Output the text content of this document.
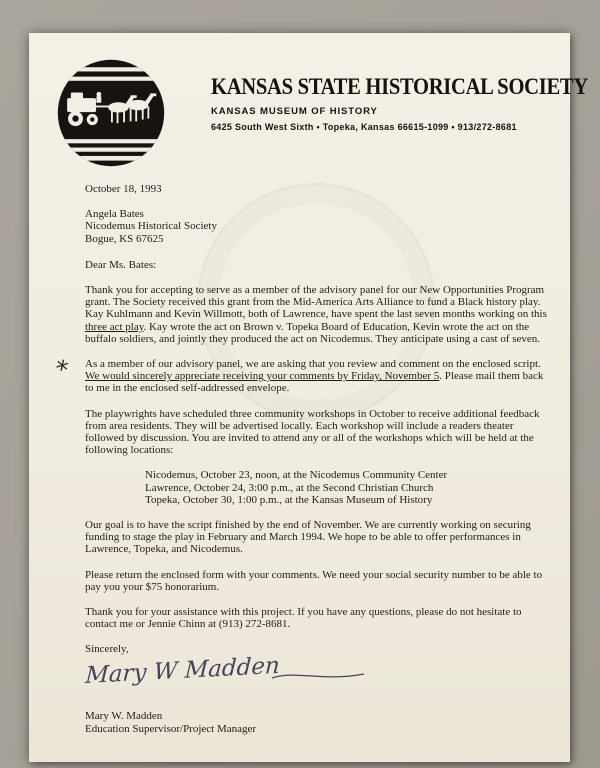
KANSAS STATE HISTORICAL SOCIETY
KANSAS MUSEUM OF HISTORY
6425 South West Sixth • Topeka, Kansas 66615-1099 • 913/272-8681

October 18, 1993

Angela Bates
Nicodemus Historical Society
Bogue, KS 67625

Dear Ms. Bates:

Thank you for accepting to serve as a member of the advisory panel for our New Opportunities Program grant. The Society received this grant from the Mid-America Arts Alliance to fund a Black history play. Kay Kuhlmann and Kevin Willmott, both of Lawrence, have spent the last seven months working on this three act play. Kay wrote the act on Brown v. Topeka Board of Education, Kevin wrote the act on the buffalo soldiers, and jointly they produced the act on Nicodemus. They anticipate using a cast of seven.

* As a member of our advisory panel, we are asking that you review and comment on the enclosed script. We would sincerely appreciate receiving your comments by Friday, November 5. Please mail them back to me in the enclosed self-addressed envelope.

The playwrights have scheduled three community workshops in October to receive additional feedback from area residents. They will be advertised locally. Each workshop will include a readers theater followed by discussion. You are invited to attend any or all of the workshops which will be held at the following locations:

Nicodemus, October 23, noon, at the Nicodemus Community Center
Lawrence, October 24, 3:00 p.m., at the Second Christian Church
Topeka, October 30, 1:00 p.m., at the Kansas Museum of History

Our goal is to have the script finished by the end of November. We are currently working on securing funding to stage the play in February and March 1994. We hope to be able to offer performances in Lawrence, Topeka, and Nicodemus.

Please return the enclosed form with your comments. We need your social security number to be able to pay you your $75 honorarium.

Thank you for your assistance with this project. If you have any questions, please do not hesitate to contact me or Jennie Chinn at (913) 272-8681.

Sincerely,

Mary W Madden
Mary W. Madden
Education Supervisor/Project Manager
